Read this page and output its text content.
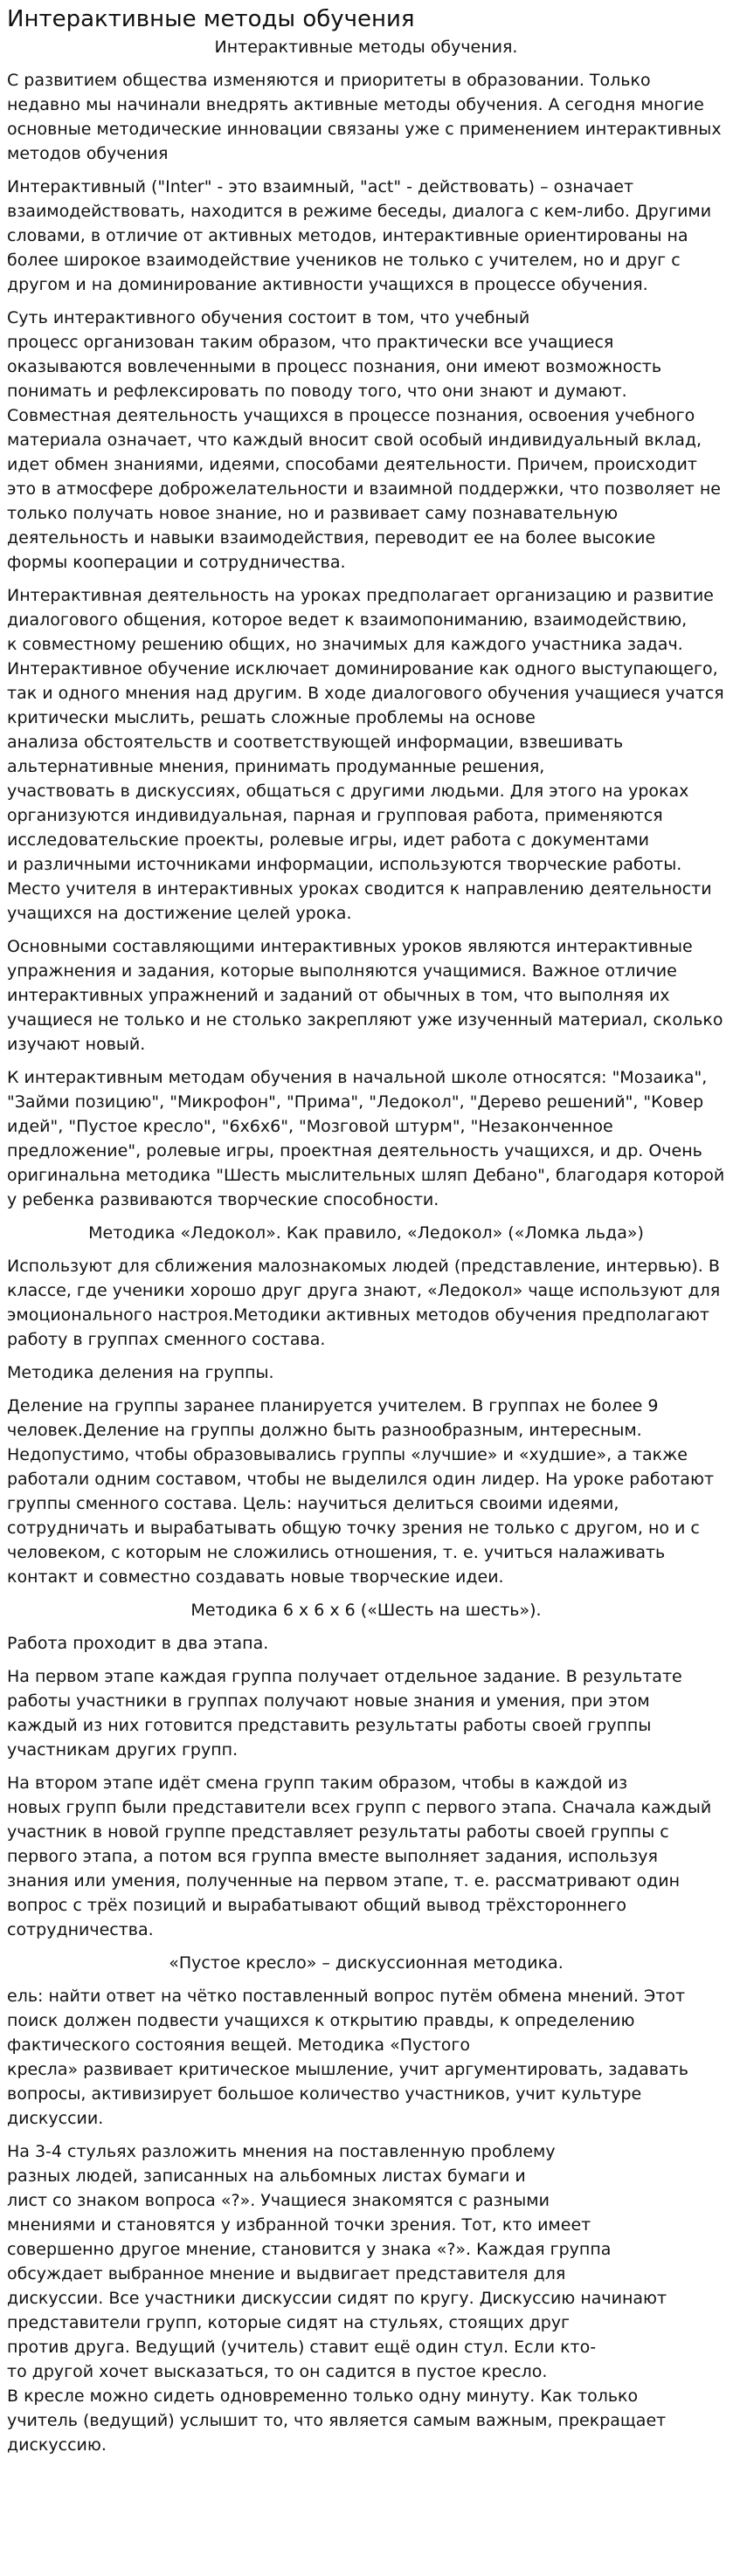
Интерактивные методы обучения

Интерактивные методы обучения.

С развитием общества изменяются и приоритеты в образовании. Только
недавно мы начинали внедрять активные методы обучения. А сегодня многие
основные методические инновации связаны уже с применением интерактивных
методов обучения

Интерактивный ("Inter" - это взаимный, "act" - действовать) – означает
взаимодействовать, находится в режиме беседы, диалога с кем-либо. Другими
словами, в отличие от активных методов, интерактивные ориентированы на
более широкое взаимодействие учеников не только с учителем, но и друг с
другом и на доминирование активности учащихся в процессе обучения.

Суть интерактивного обучения состоит в том, что учебный
процесс организован таким образом, что практически все учащиеся
оказываются вовлеченными в процесс познания, они имеют возможность
понимать и рефлексировать по поводу того, что они знают и думают.
Совместная деятельность учащихся в процессе познания, освоения учебного
материала означает, что каждый вносит свой особый индивидуальный вклад,
идет обмен знаниями, идеями, способами деятельности. Причем, происходит
это в атмосфере доброжелательности и взаимной поддержки, что позволяет не
только получать новое знание, но и развивает саму познавательную
деятельность и навыки взаимодействия, переводит ее на более высокие
формы кооперации и сотрудничества.

Интерактивная деятельность на уроках предполагает организацию и развитие
диалогового общения, которое ведет к взаимопониманию, взаимодействию,
к совместному решению общих, но значимых для каждого участника задач.
Интерактивное обучение исключает доминирование как одного выступающего,
так и одного мнения над другим. В ходе диалогового обучения учащиеся учатся
критически мыслить, решать сложные проблемы на основе
анализа обстоятельств и соответствующей информации, взвешивать
альтернативные мнения, принимать продуманные решения,
участвовать в дискуссиях, общаться с другими людьми. Для этого на уроках
организуются индивидуальная, парная и групповая работа, применяются
исследовательские проекты, ролевые игры, идет работа с документами
и различными источниками информации, используются творческие работы.
Место учителя в интерактивных уроках сводится к направлению деятельности
учащихся на достижение целей урока.

Основными составляющими интерактивных уроков являются интерактивные
упражнения и задания, которые выполняются учащимися. Важное отличие
интерактивных упражнений и заданий от обычных в том, что выполняя их
учащиеся не только и не столько закрепляют уже изученный материал, сколько
изучают новый.

К интерактивным методам обучения в начальной школе относятся: "Мозаика",
"Займи позицию", "Микрофон", "Прима", "Ледокол", "Дерево решений", "Ковер
идей", "Пустое кресло", "6х6х6", "Мозговой штурм", "Незаконченное
предложение", ролевые игры, проектная деятельность учащихся, и др. Очень
оригинальна методика "Шесть мыслительных шляп Дебано", благодаря которой
у ребенка развиваются творческие способности.

Методика «Ледокол». Как правило, «Ледокол» («Ломка льда»)

Используют для сближения малознакомых людей (представление, интервью). В
классе, где ученики хорошо друг друга знают, «Ледокол» чаще используют для
эмоционального настроя.Методики активных методов обучения предполагают
работу в группах сменного состава.

Методика деления на группы.

Деление на группы заранее планируется учителем. В группах не более 9
человек.Деление на группы должно быть разнообразным, интересным.
Недопустимо, чтобы образовывались группы «лучшие» и «худшие», а также
работали одним составом, чтобы не выделился один лидер. На уроке работают
группы сменного состава. Цель: научиться делиться своими идеями,
сотрудничать и вырабатывать общую точку зрения не только с другом, но и с
человеком, с которым не сложились отношения, т. е. учиться налаживать
контакт и совместно создавать новые творческие идеи.

Методика 6 х 6 х 6 («Шесть на шесть»).

Работа проходит в два этапа.

На первом этапе каждая группа получает отдельное задание. В результате
работы участники в группах получают новые знания и умения, при этом
каждый из них готовится представить результаты работы своей группы
участникам других групп.

На втором этапе идёт смена групп таким образом, чтобы в каждой из
новых групп были представители всех групп с первого этапа. Сначала каждый
участник в новой группе представляет результаты работы своей группы с
первого этапа, а потом вся группа вместе выполняет задания, используя
знания или умения, полученные на первом этапе, т. е. рассматривают один
вопрос с трёх позиций и вырабатывают общий вывод трёхстороннего
сотрудничества.

«Пустое кресло» – дискуссионная методика.

ель: найти ответ на чётко поставленный вопрос путём обмена мнений. Этот
поиск должен подвести учащихся к открытию правды, к определению
фактического состояния вещей. Методика «Пустого
кресла» развивает критическое мышление, учит аргументировать, задавать
вопросы, активизирует большое количество участников, учит культуре
дискуссии.

На 3-4 стульях разложить мнения на поставленную проблему
разных людей, записанных на альбомных листах бумаги и
лист со знаком вопроса «?». Учащиеся знакомятся с разными
мнениями и становятся у избранной точки зрения. Тот, кто имеет
совершенно другое мнение, становится у знака «?». Каждая группа
обсуждает выбранное мнение и выдвигает представителя для
дискуссии. Все участники дискуссии сидят по кругу. Дискуссию начинают
представители групп, которые сидят на стульях, стоящих друг
против друга. Ведущий (учитель) ставит ещё один стул. Если кто-
то другой хочет высказаться, то он садится в пустое кресло.
В кресле можно сидеть одновременно только одну минуту. Как только
учитель (ведущий) услышит то, что является самым важным, прекращает
дискуссию.
